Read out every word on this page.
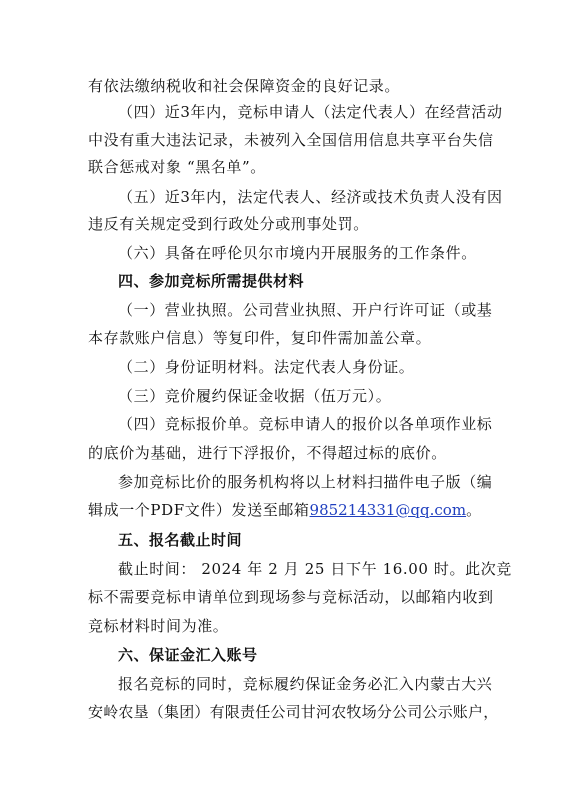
有依法缴纳税收和社会保障资金的良好记录。
（四）近3年内，竞标申请人（法定代表人）在经营活动
中没有重大违法记录，未被列入全国信用信息共享平台失信
联合惩戒对象 “黑名单”。
（五）近3年内，法定代表人、经济或技术负责人没有因
违反有关规定受到行政处分或刑事处罚。
（六）具备在呼伦贝尔市境内开展服务的工作条件。
四、参加竞标所需提供材料
（一）营业执照。公司营业执照、开户行许可证（或基
本存款账户信息）等复印件，复印件需加盖公章。
（二）身份证明材料。法定代表人身份证。
（三）竞价履约保证金收据（伍万元）。
（四）竞标报价单。竞标申请人的报价以各单项作业标
的底价为基础，进行下浮报价，不得超过标的底价。
参加竞标比价的服务机构将以上材料扫描件电子版（编
辑成一个PDF文件）发送至邮箱985214331@qq.com。
五、报名截止时间
截止时间： 2024 年 2 月 25 日下午 16.00 时。此次竞
标不需要竞标申请单位到现场参与竞标活动，以邮箱内收到
竞标材料时间为准。
六、保证金汇入账号
报名竞标的同时，竞标履约保证金务必汇入内蒙古大兴
安岭农垦（集团）有限责任公司甘河农牧场分公司公示账户，
